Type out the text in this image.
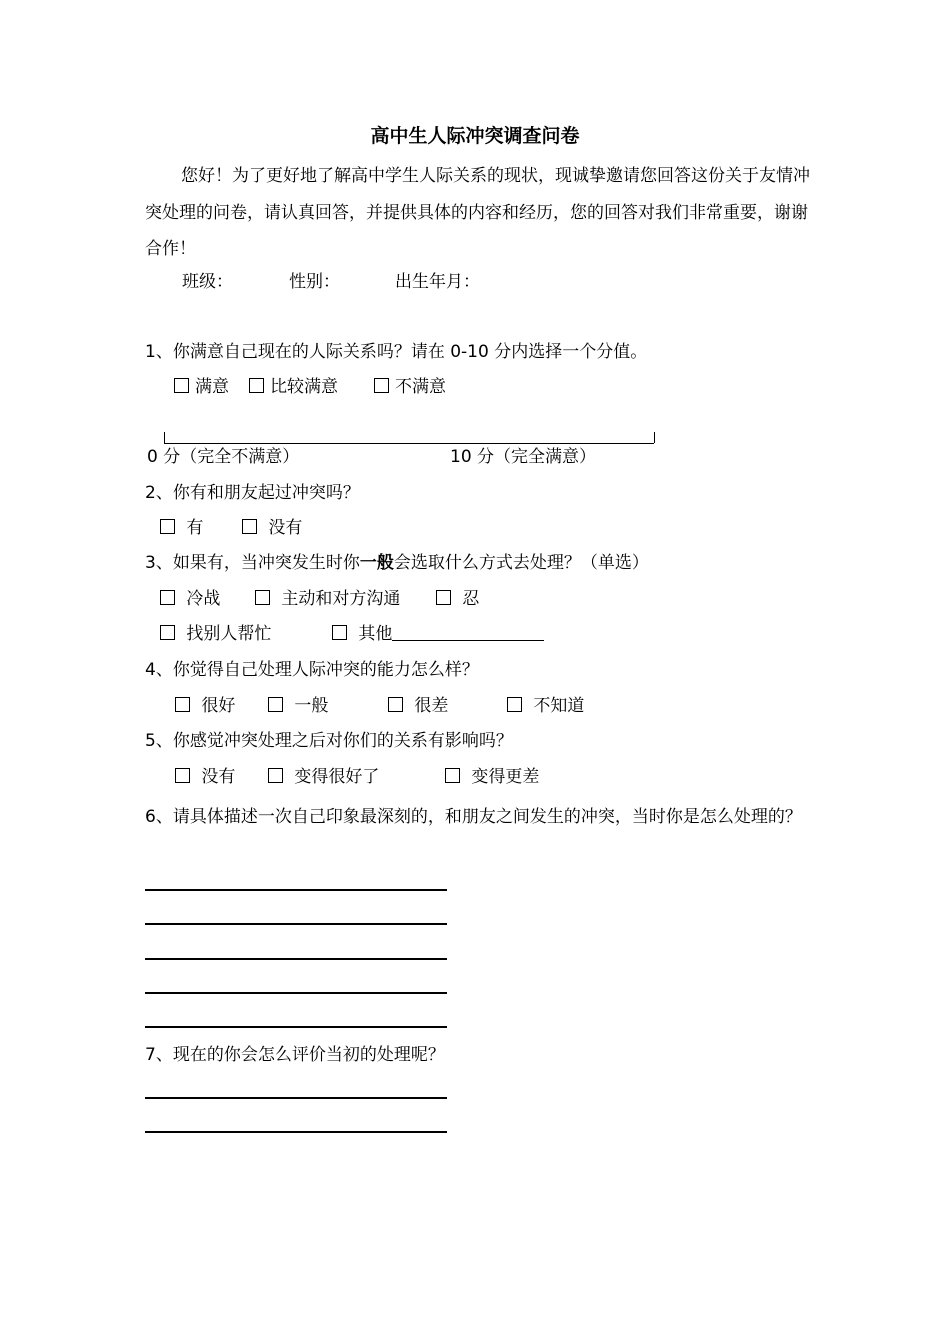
高中生人际冲突调查问卷
您好！为了更好地了解高中学生人际关系的现状，现诚挚邀请您回答这份关于友情冲突处理的问卷，请认真回答，并提供具体的内容和经历，您的回答对我们非常重要，谢谢合作！
班级：	性别：	出生年月：
1、你满意自己现在的人际关系吗？请在 0-10 分内选择一个分值。
满意	比较满意	不满意
0 分（完全不满意）	10 分（完全满意）
2、你有和朋友起过冲突吗？
有	没有
3、如果有，当冲突发生时你一般会选取什么方式去处理？（单选）
冷战	主动和对方沟通	忍
找别人帮忙	其他
4、你觉得自己处理人际冲突的能力怎么样？
很好	一般	很差	不知道
5、你感觉冲突处理之后对你们的关系有影响吗？
没有	变得很好了	变得更差
6、请具体描述一次自己印象最深刻的，和朋友之间发生的冲突，当时你是怎么处理的？
7、现在的你会怎么评价当初的处理呢？
